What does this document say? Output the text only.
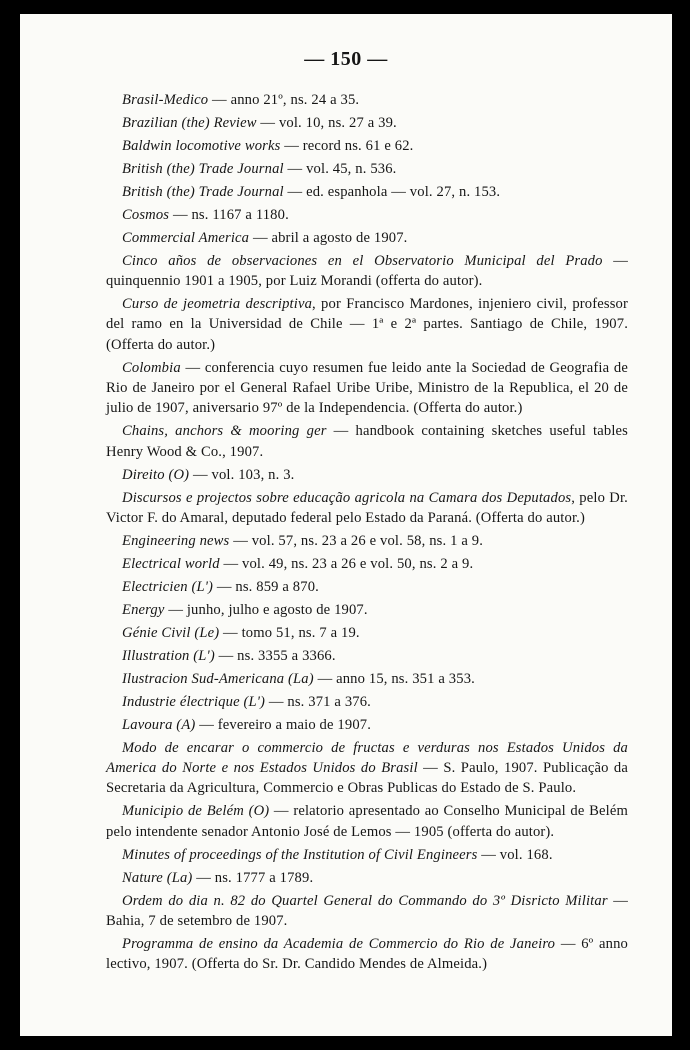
— 150 —

Brasil-Medico — anno 21º, ns. 24 a 35.

Brazilian (the) Review — vol. 10, ns. 27 a 39.

Baldwin locomotive works — record ns. 61 e 62.

British (the) Trade Journal — vol. 45, n. 536.

British (the) Trade Journal — ed. espanhola — vol. 27, n. 153.

Cosmos — ns. 1167 a 1180.

Commercial America — abril a agosto de 1907.

Cinco años de observaciones en el Observatorio Municipal del Prado — quinquennio 1901 a 1905, por Luiz Morandi (offerta do autor).

Curso de jeometria descriptiva, por Francisco Mardones, injeniero civil, professor del ramo en la Universidad de Chile — 1ª e 2ª partes. Santiago de Chile, 1907. (Offerta do autor.)

Colombia — conferencia cuyo resumen fue leido ante la Sociedad de Geografia de Rio de Janeiro por el General Rafael Uribe Uribe, Ministro de la Republica, el 20 de julio de 1907, aniversario 97º de la Independencia. (Offerta do autor.)

Chains, anchors & mooring ger — handbook containing sketches useful tables Henry Wood & Co., 1907.

Direito (O) — vol. 103, n. 3.

Discursos e projectos sobre educação agricola na Camara dos Deputados, pelo Dr. Victor F. do Amaral, deputado federal pelo Estado da Paraná. (Offerta do autor.)

Engineering news — vol. 57, ns. 23 a 26 e vol. 58, ns. 1 a 9.

Electrical world — vol. 49, ns. 23 a 26 e vol. 50, ns. 2 a 9.

Electricien (L') — ns. 859 a 870.

Energy — junho, julho e agosto de 1907.

Génie Civil (Le) — tomo 51, ns. 7 a 19.

Illustration (L') — ns. 3355 a 3366.

Ilustracion Sud-Americana (La) — anno 15, ns. 351 a 353.

Industrie électrique (L') — ns. 371 a 376.

Lavoura (A) — fevereiro a maio de 1907.

Modo de encarar o commercio de fructas e verduras nos Estados Unidos da America do Norte e nos Estados Unidos do Brasil — S. Paulo, 1907. Publicação da Secretaria da Agricultura, Commercio e Obras Publicas do Estado de S. Paulo.

Municipio de Belém (O) — relatorio apresentado ao Conselho Municipal de Belém pelo intendente senador Antonio José de Lemos — 1905 (offerta do autor).

Minutes of proceedings of the Institution of Civil Engineers — vol. 168.

Nature (La) — ns. 1777 a 1789.

Ordem do dia n. 82 do Quartel General do Commando do 3º Disricto Militar — Bahia, 7 de setembro de 1907.

Programma de ensino da Academia de Commercio do Rio de Janeiro — 6º anno lectivo, 1907. (Offerta do Sr. Dr. Candido Mendes de Almeida.)
